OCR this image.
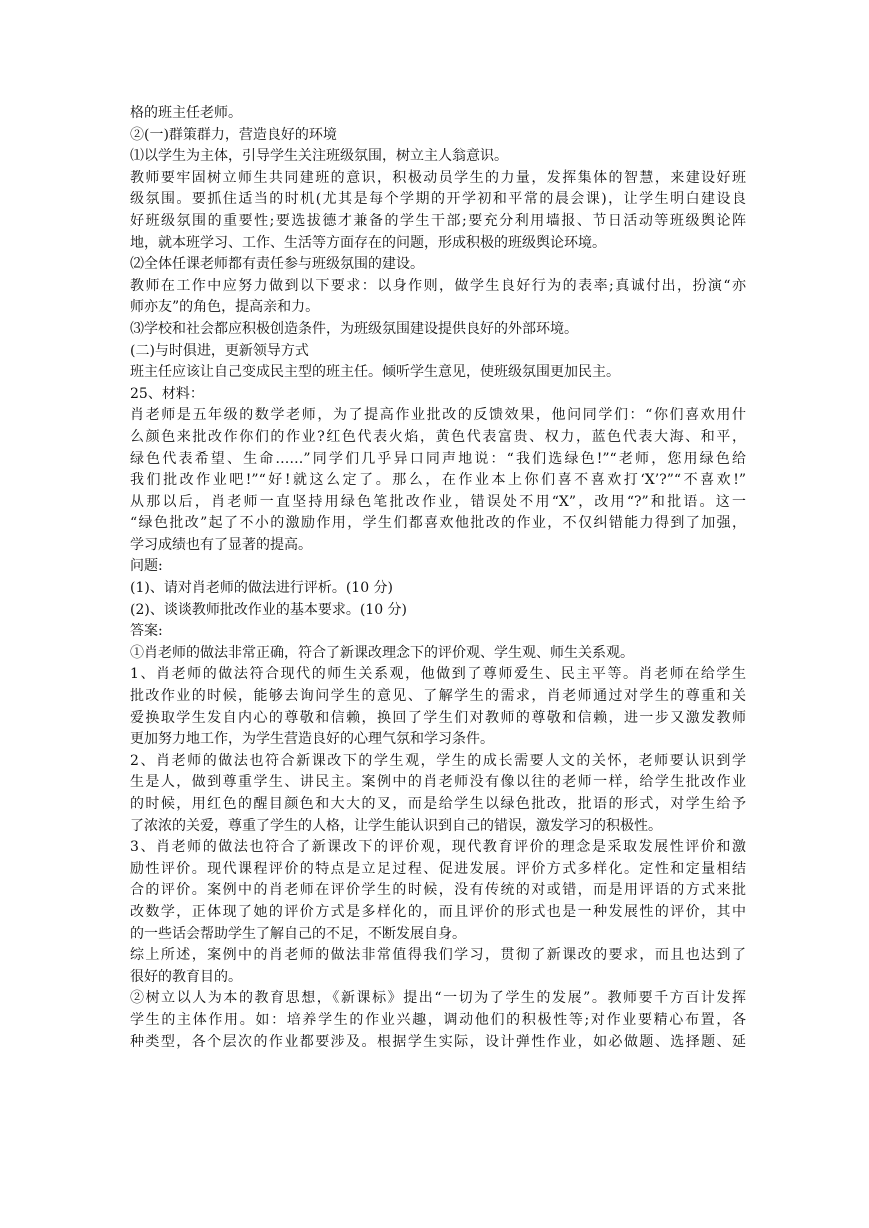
格的班主任老师。
②(一)群策群力，营造良好的环境
⑴以学生为主体，引导学生关注班级氛围，树立主人翁意识。
教师要牢固树立师生共同建班的意识，积极动员学生的力量，发挥集体的智慧，来建设好班
级氛围。要抓住适当的时机(尤其是每个学期的开学初和平常的晨会课)，让学生明白建设良
好班级氛围的重要性;要选拔德才兼备的学生干部;要充分利用墙报、节日活动等班级舆论阵
地，就本班学习、工作、生活等方面存在的问题，形成积极的班级舆论环境。
⑵全体任课老师都有责任参与班级氛围的建设。
教师在工作中应努力做到以下要求：以身作则，做学生良好行为的表率;真诚付出，扮演“亦
师亦友”的角色，提高亲和力。
⑶学校和社会都应积极创造条件，为班级氛围建设提供良好的外部环境。
(二)与时俱进，更新领导方式
班主任应该让自己变成民主型的班主任。倾听学生意见，使班级氛围更加民主。
25、材料：
肖老师是五年级的数学老师，为了提高作业批改的反馈效果，他问同学们：“你们喜欢用什
么颜色来批改作你们的作业?红色代表火焰，黄色代表富贵、权力，蓝色代表大海、和平，
绿色代表希望、生命……”同学们几乎异口同声地说：“我们选绿色!”“老师，您用绿色给
我们批改作业吧!”“好!就这么定了。那么，在作业本上你们喜不喜欢打‘X’?”“不喜欢!”
从那以后，肖老师一直坚持用绿色笔批改作业，错误处不用“X”，改用“?”和批语。这一
“绿色批改”起了不小的激励作用，学生们都喜欢他批改的作业，不仅纠错能力得到了加强，
学习成绩也有了显著的提高。
问题:
(1)、请对肖老师的做法进行评析。(10 分)
(2)、谈谈教师批改作业的基本要求。(10 分)
答案:
①肖老师的做法非常正确，符合了新课改理念下的评价观、学生观、师生关系观。
1、肖老师的做法符合现代的师生关系观，他做到了尊师爱生、民主平等。肖老师在给学生
批改作业的时候，能够去询问学生的意见、了解学生的需求，肖老师通过对学生的尊重和关
爱换取学生发自内心的尊敬和信赖，换回了学生们对教师的尊敬和信赖，进一步又激发教师
更加努力地工作，为学生营造良好的心理气氛和学习条件。
2、肖老师的做法也符合新课改下的学生观，学生的成长需要人文的关怀，老师要认识到学
生是人，做到尊重学生、讲民主。案例中的肖老师没有像以往的老师一样，给学生批改作业
的时候，用红色的醒目颜色和大大的叉，而是给学生以绿色批改，批语的形式，对学生给予
了浓浓的关爱，尊重了学生的人格，让学生能认识到自己的错误，激发学习的积极性。
3、肖老师的做法也符合了新课改下的评价观，现代教育评价的理念是采取发展性评价和激
励性评价。现代课程评价的特点是立足过程、促进发展。评价方式多样化。定性和定量相结
合的评价。案例中的肖老师在评价学生的时候，没有传统的对或错，而是用评语的方式来批
改数学，正体现了她的评价方式是多样化的，而且评价的形式也是一种发展性的评价，其中
的一些话会帮助学生了解自己的不足，不断发展自身。
综上所述，案例中的肖老师的做法非常值得我们学习，贯彻了新课改的要求，而且也达到了
很好的教育目的。
②树立以人为本的教育思想，《新课标》提出“一切为了学生的发展”。教师要千方百计发挥
学生的主体作用。如：培养学生的作业兴趣，调动他们的积极性等;对作业要精心布置，各
种类型，各个层次的作业都要涉及。根据学生实际，设计弹性作业，如必做题、选择题、延
